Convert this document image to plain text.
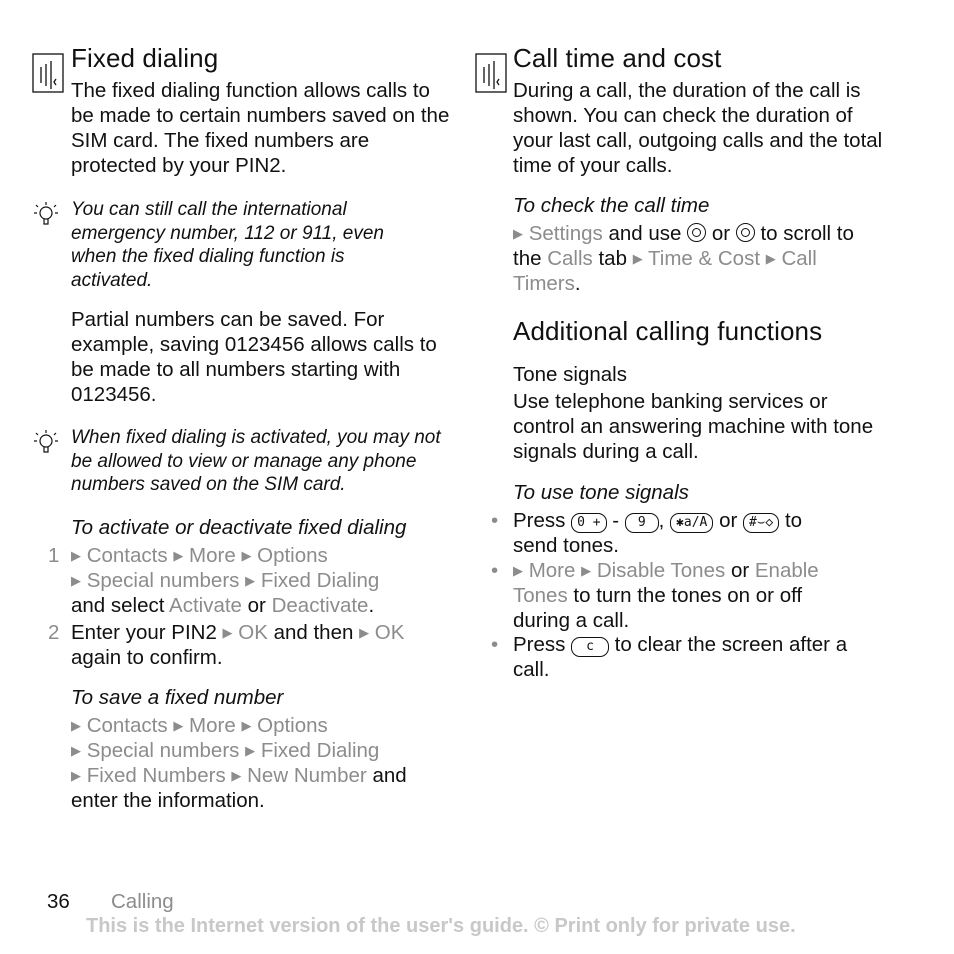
Fixed dialing
The fixed dialing function allows calls to be made to certain numbers saved on the SIM card. The fixed numbers are protected by your PIN2.
You can still call the international emergency number, 112 or 911, even when the fixed dialing function is activated.
Partial numbers can be saved. For example, saving 0123456 allows calls to be made to all numbers starting with 0123456.
When fixed dialing is activated, you may not be allowed to view or manage any phone numbers saved on the SIM card.
To activate or deactivate fixed dialing
1 ▶ Contacts ▶ More ▶ Options
▶ Special numbers ▶ Fixed Dialing
and select Activate or Deactivate.
2 Enter your PIN2 ▶ OK and then ▶ OK
again to confirm.
To save a fixed number
▶ Contacts ▶ More ▶ Options
▶ Special numbers ▶ Fixed Dialing
▶ Fixed Numbers ▶ New Number and
enter the information.
Call time and cost
During a call, the duration of the call is shown. You can check the duration of your last call, outgoing calls and the total time of your calls.
To check the call time
▶ Settings and use or to scroll to
the Calls tab ▶ Time & Cost ▶ Call
Timers.
Additional calling functions
Tone signals
Use telephone banking services or control an answering machine with tone signals during a call.
To use tone signals
• Press 0 + - 9 , ✱a/A or #⌣◇ to
send tones.
• ▶ More ▶ Disable Tones or Enable
Tones to turn the tones on or off
during a call.
• Press c to clear the screen after a
call.
36 Calling
This is the Internet version of the user's guide. © Print only for private use.
